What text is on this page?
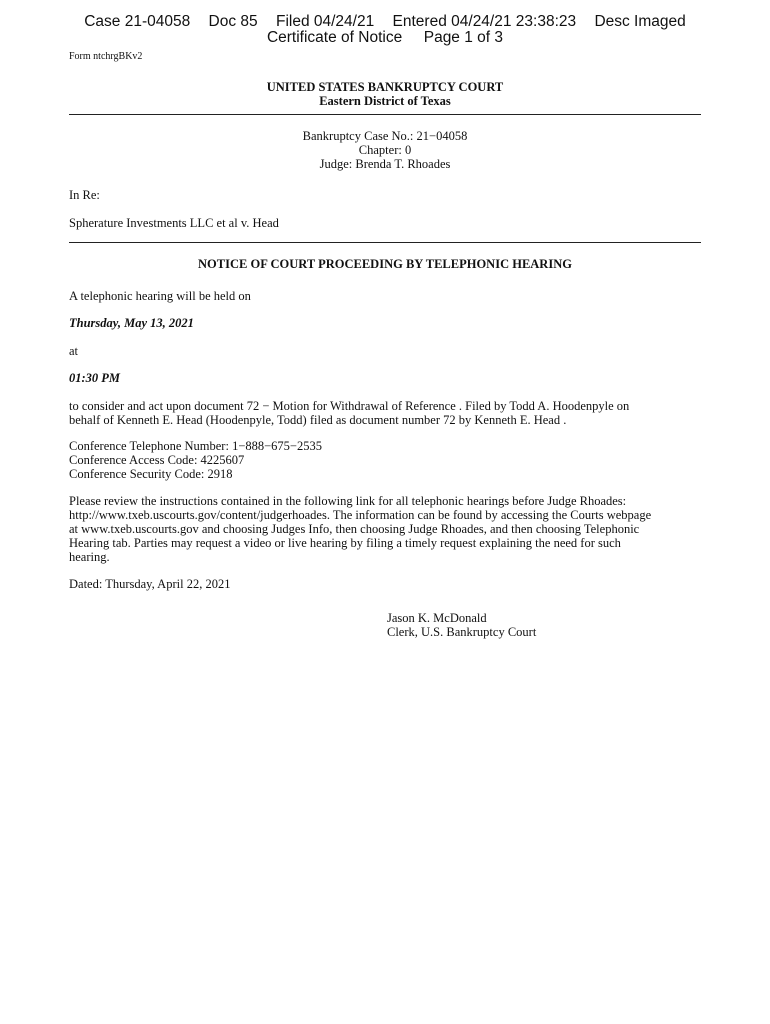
Case 21-04058 Doc 85 Filed 04/24/21 Entered 04/24/21 23:38:23 Desc Imaged
Certificate of Notice     Page 1 of 3
Form ntchrgBKv2
UNITED STATES BANKRUPTCY COURT
Eastern District of Texas
Bankruptcy Case No.: 21−04058
Chapter: 0
Judge: Brenda T. Rhoades
In Re:
Spherature Investments LLC et al v. Head
NOTICE OF COURT PROCEEDING BY TELEPHONIC HEARING
A telephonic hearing will be held on
Thursday, May 13, 2021
at
01:30 PM
to consider and act upon document 72 − Motion for Withdrawal of Reference . Filed by Todd A. Hoodenpyle on
behalf of Kenneth E. Head (Hoodenpyle, Todd) filed as document number 72 by Kenneth E. Head .
Conference Telephone Number: 1−888−675−2535
Conference Access Code: 4225607
Conference Security Code: 2918
Please review the instructions contained in the following link for all telephonic hearings before Judge Rhoades:
http://www.txeb.uscourts.gov/content/judgerhoades. The information can be found by accessing the Courts webpage
at www.txeb.uscourts.gov and choosing Judges Info, then choosing Judge Rhoades, and then choosing Telephonic
Hearing tab. Parties may request a video or live hearing by filing a timely request explaining the need for such
hearing.
Dated: Thursday, April 22, 2021
Jason K. McDonald
Clerk, U.S. Bankruptcy Court
